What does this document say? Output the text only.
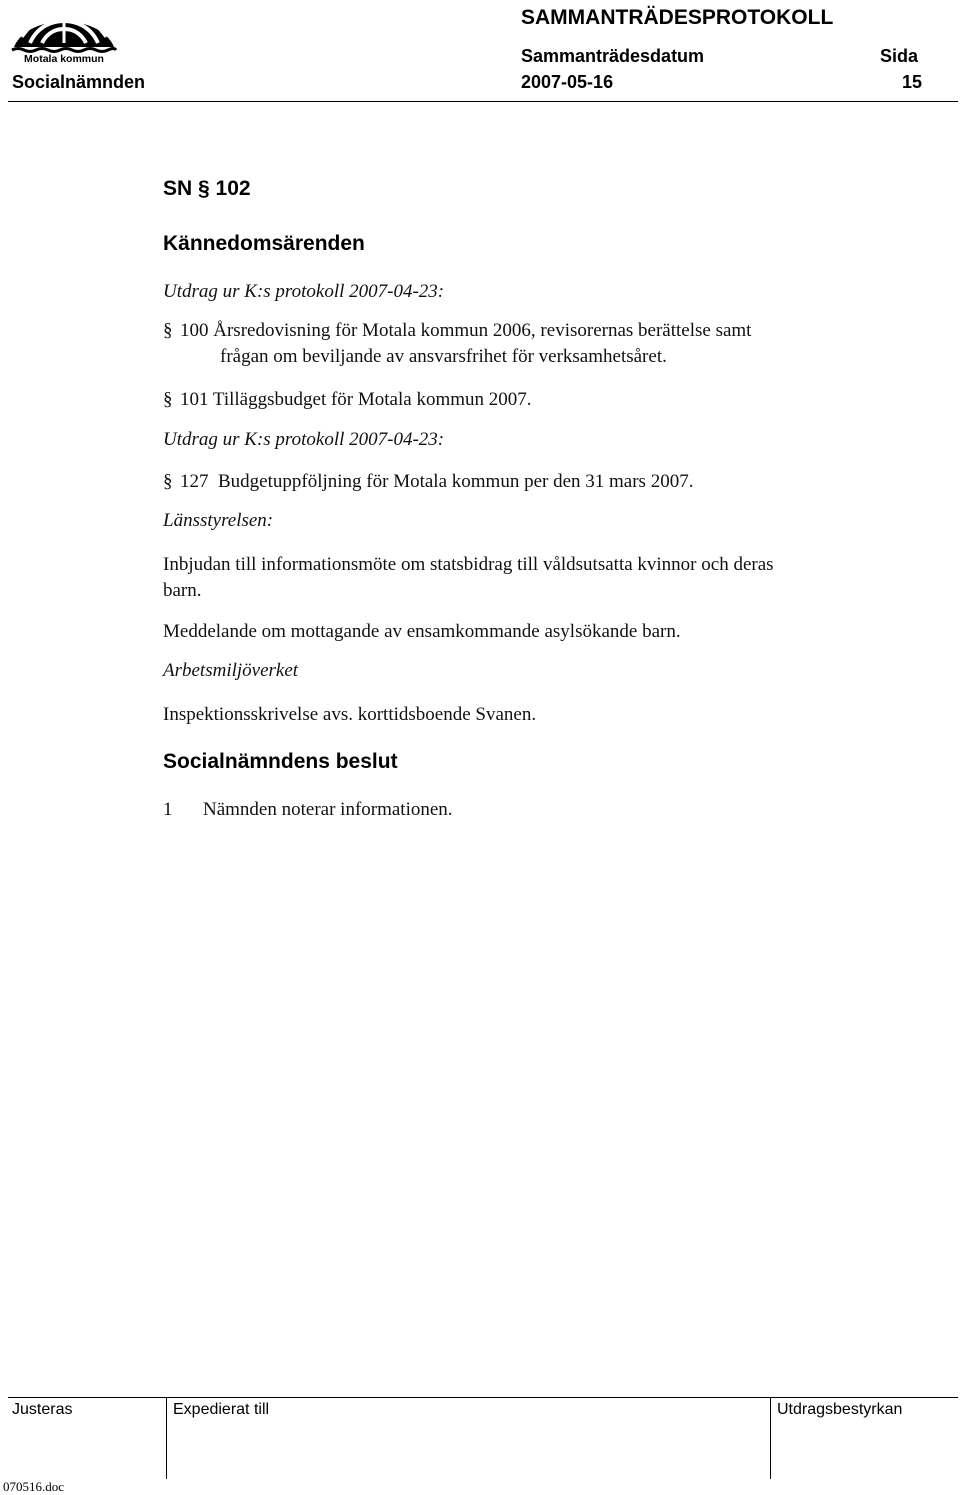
Motala kommun
SAMMANTRÄDESPROTOKOLL
Sammanträdesdatum	Sida
Socialnämnden	2007-05-16	15
SN § 102
Kännedomsärenden
Utdrag ur K:s protokoll 2007-04-23:
§ 100 Årsredovisning för Motala kommun 2006, revisorernas berättelse samt
frågan om beviljande av ansvarsfrihet för verksamhetsåret.
§ 101 Tilläggsbudget för Motala kommun 2007.
Utdrag ur K:s protokoll 2007-04-23:
§ 127  Budgetuppföljning för Motala kommun per den 31 mars 2007.
Länsstyrelsen:
Inbjudan till informationsmöte om statsbidrag till våldsutsatta kvinnor och deras
barn.
Meddelande om mottagande av ensamkommande asylsökande barn.
Arbetsmiljöverket
Inspektionsskrivelse avs. korttidsboende Svanen.
Socialnämndens beslut
1 Nämnden noterar informationen.
Justeras	Expedierat till	Utdragsbestyrkan
070516.doc
